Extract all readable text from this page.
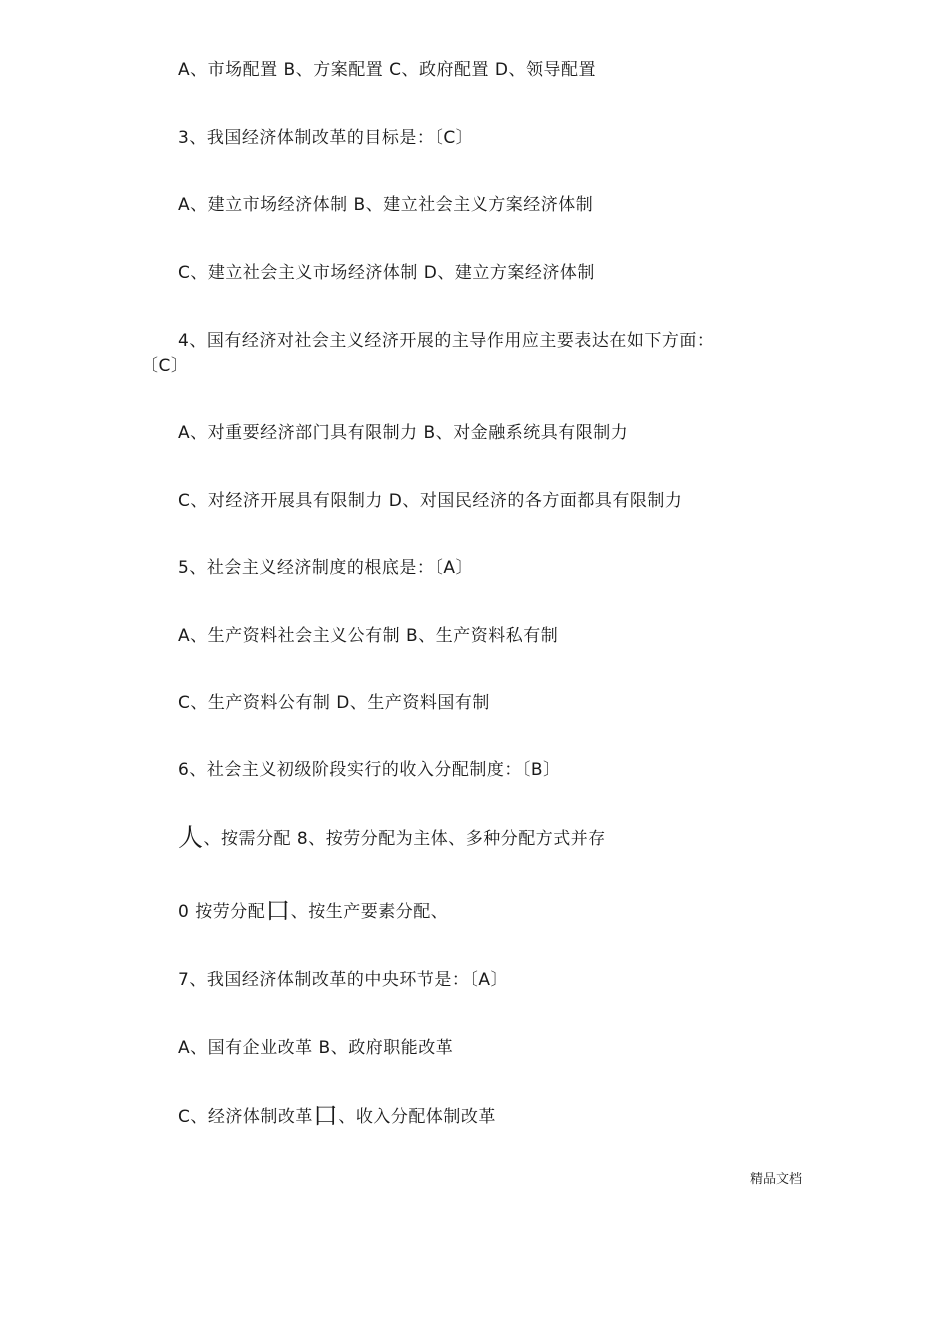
A、市场配置 B、方案配置 C、政府配置 D、领导配置
3、我国经济体制改革的目标是：〔C〕
A、建立市场经济体制 B、建立社会主义方案经济体制
C、建立社会主义市场经济体制 D、建立方案经济体制
4、国有经济对社会主义经济开展的主导作用应主要表达在如下方面：
〔C〕
A、对重要经济部门具有限制力 B、对金融系统具有限制力
C、对经济开展具有限制力 D、对国民经济的各方面都具有限制力
5、社会主义经济制度的根底是：〔A〕
A、生产资料社会主义公有制 B、生产资料私有制
C、生产资料公有制 D、生产资料国有制
6、社会主义初级阶段实行的收入分配制度：〔B〕
人、按需分配 8、按劳分配为主体、多种分配方式并存
0 按劳分配口、按生产要素分配、
7、我国经济体制改革的中央环节是：〔A〕
A、国有企业改革 B、政府职能改革
C、经济体制改革口、收入分配体制改革
精品文档
